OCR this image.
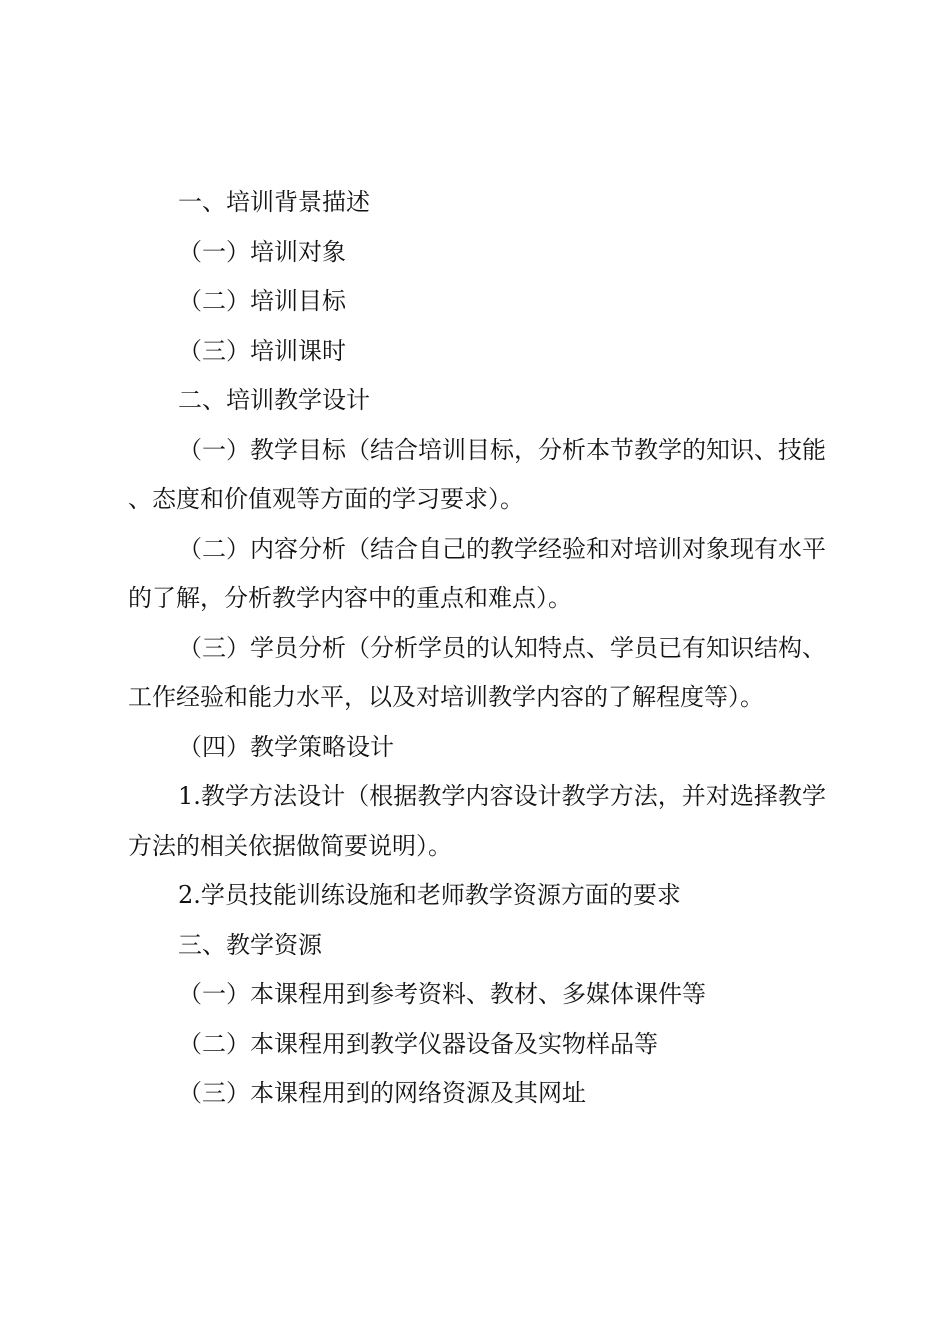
一、培训背景描述

（一）培训对象

（二）培训目标

（三）培训课时

二、培训教学设计

（一）教学目标（结合培训目标，分析本节教学的知识、技能、态度和价值观等方面的学习要求）。

（二）内容分析（结合自己的教学经验和对培训对象现有水平的了解，分析教学内容中的重点和难点）。

（三）学员分析（分析学员的认知特点、学员已有知识结构、工作经验和能力水平，以及对培训教学内容的了解程度等）。

（四）教学策略设计

1.教学方法设计（根据教学内容设计教学方法，并对选择教学方法的相关依据做简要说明）。

2.学员技能训练设施和老师教学资源方面的要求

三、教学资源

（一）本课程用到参考资料、教材、多媒体课件等

（二）本课程用到教学仪器设备及实物样品等

（三）本课程用到的网络资源及其网址
